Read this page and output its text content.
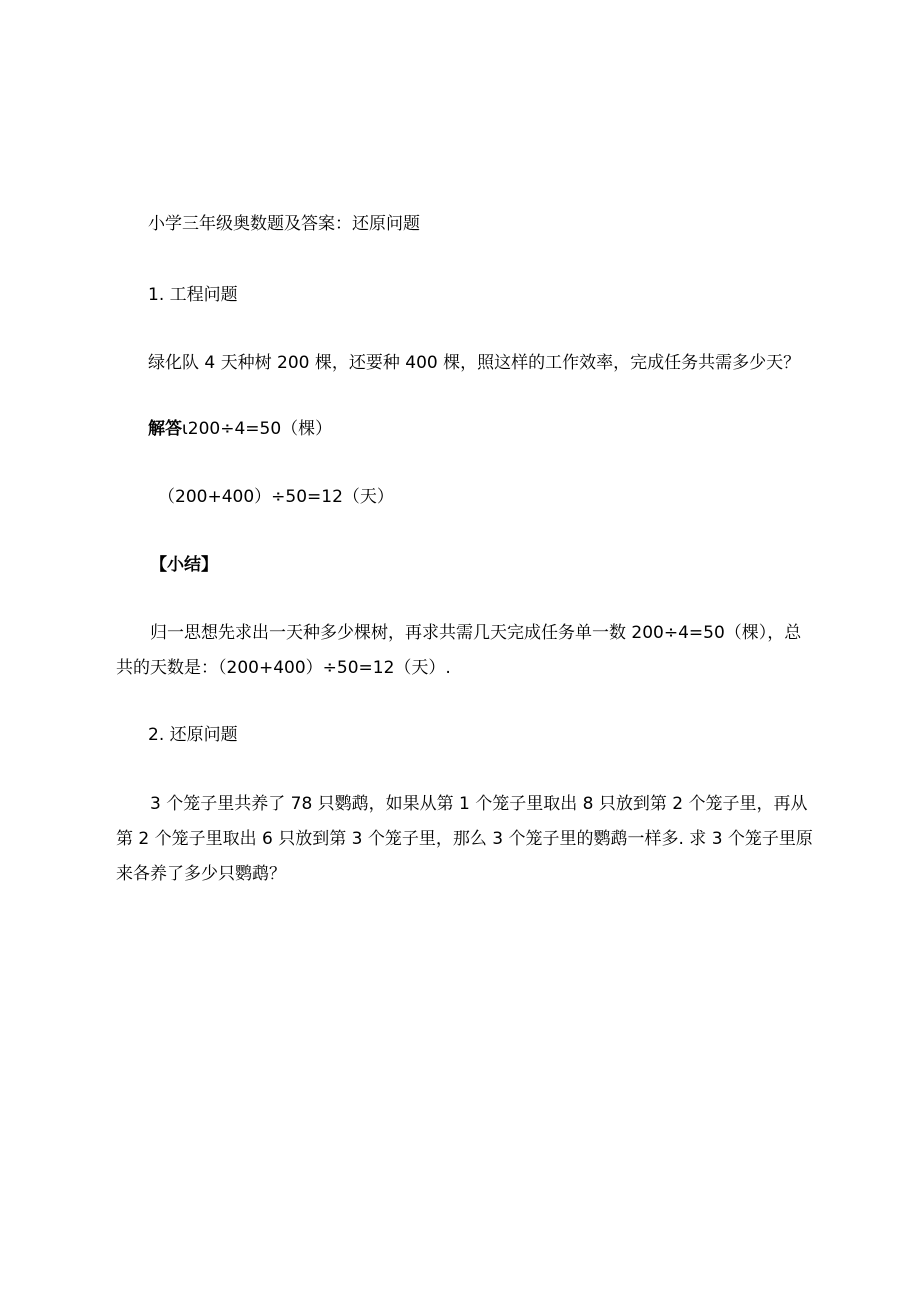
小学三年级奥数题及答案：还原问题

1. 工程问题

绿化队 4 天种树 200 棵，还要种 400 棵，照这样的工作效率，完成任务共需多少天？

解答ι200÷4=50（棵）

（200+400）÷50=12（天）

【小结】

归一思想先求出一天种多少棵树，再求共需几天完成任务单一数 200÷4=50（棵），总共的天数是：（200+400）÷50=12（天）.

2. 还原问题

3 个笼子里共养了 78 只鹦鹉，如果从第 1 个笼子里取出 8 只放到第 2 个笼子里，再从第 2 个笼子里取出 6 只放到第 3 个笼子里，那么 3 个笼子里的鹦鹉一样多. 求 3 个笼子里原来各养了多少只鹦鹉？
